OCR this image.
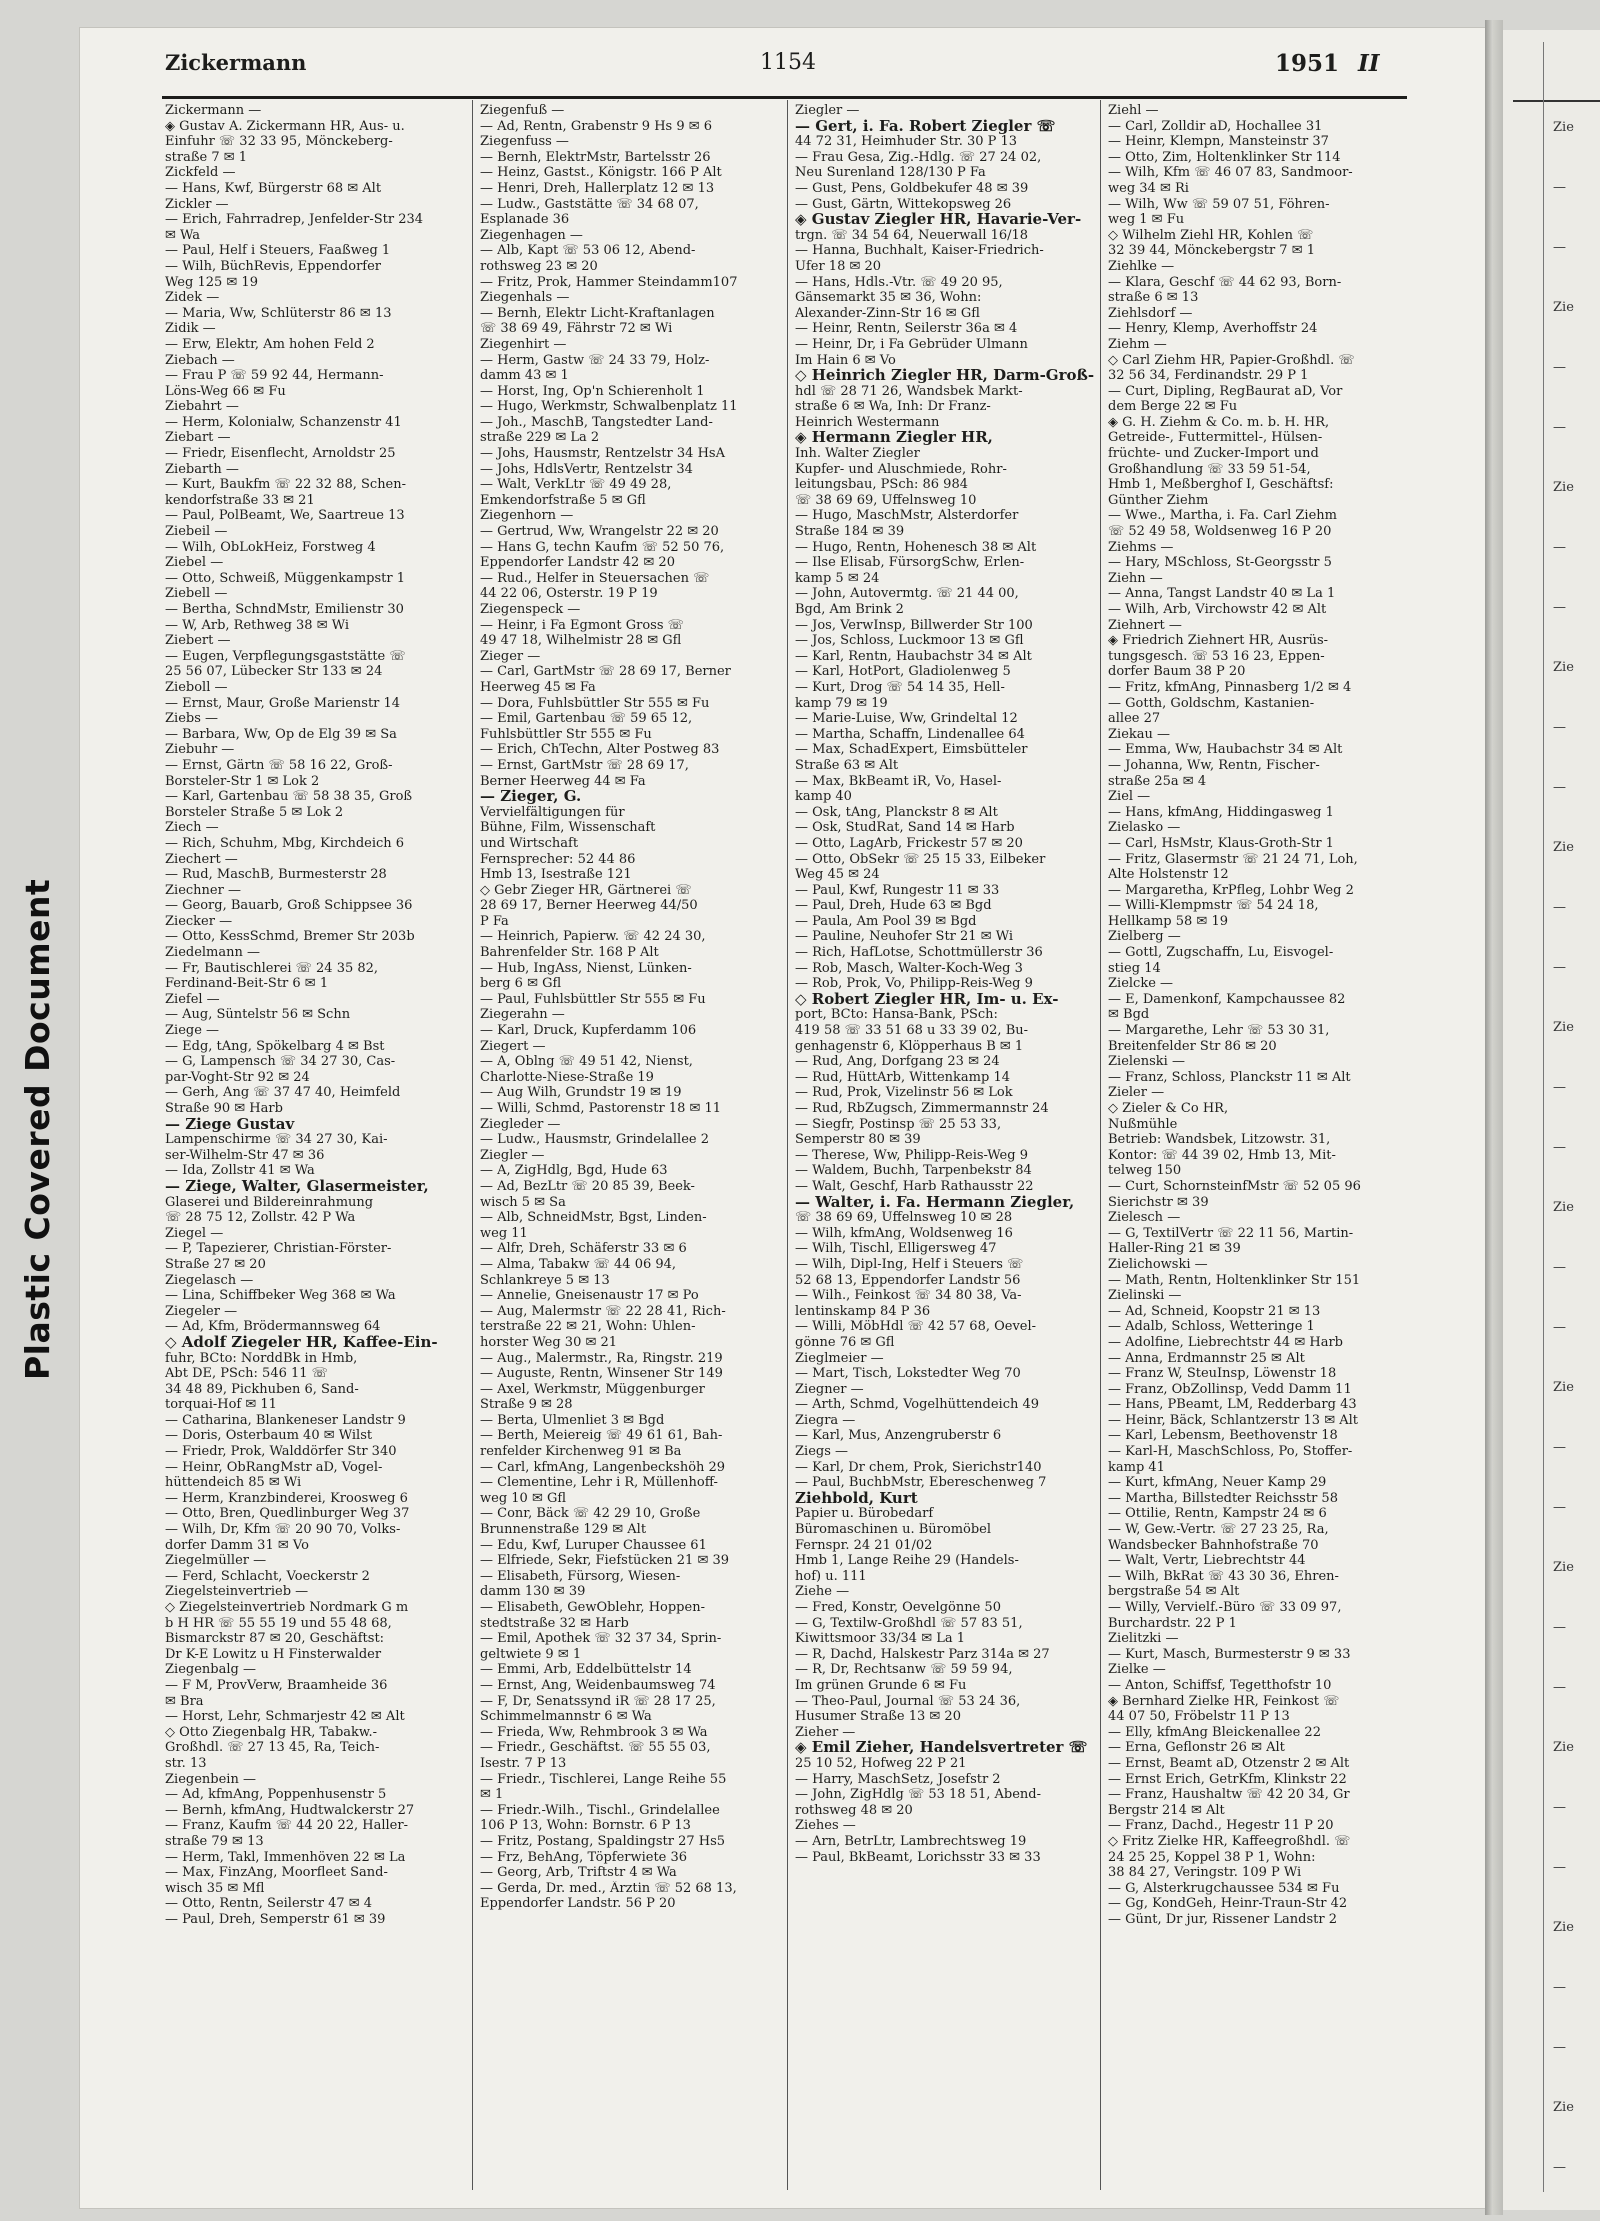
Zie
—
—
Zie
—
—
Zie
—
—
Zie
—
—
Zie
—
—
Zie
—
—
Zie
—
—
Zie
—
—
Zie
—
—
Zie
—
—
Zie
—
—
Zie
—
Plastic Covered Document
Zickermann	1154	1951 II
Zickermann —
◈ Gustav A. Zickermann HR, Aus- u.
Einfuhr ☏ 32 33 95, Mönckeberg-
straße 7 ✉ 1
Zickfeld —
— Hans, Kwf, Bürgerstr 68 ✉ Alt
Zickler —
— Erich, Fahrradrep, Jenfelder-Str 234
✉ Wa
— Paul, Helf i Steuers, Faaßweg 1
— Wilh, BüchRevis, Eppendorfer
Weg 125 ✉ 19
Zidek —
— Maria, Ww, Schlüterstr 86 ✉ 13
Zidik —
— Erw, Elektr, Am hohen Feld 2
Ziebach —
— Frau P ☏ 59 92 44, Hermann-
Löns-Weg 66 ✉ Fu
Ziebahrt —
— Herm, Kolonialw, Schanzenstr 41
Ziebart —
— Friedr, Eisenflecht, Arnoldstr 25
Ziebarth —
— Kurt, Baukfm ☏ 22 32 88, Schen-
kendorfstraße 33 ✉ 21
— Paul, PolBeamt, We, Saartreue 13
Ziebeil —
— Wilh, ObLokHeiz, Forstweg 4
Ziebel —
— Otto, Schweiß, Müggenkampstr 1
Ziebell —
— Bertha, SchndMstr, Emilienstr 30
— W, Arb, Rethweg 38 ✉ Wi
Ziebert —
— Eugen, Verpflegungsgaststätte ☏
25 56 07, Lübecker Str 133 ✉ 24
Zieboll —
— Ernst, Maur, Große Marienstr 14
Ziebs —
— Barbara, Ww, Op de Elg 39 ✉ Sa
Ziebuhr —
— Ernst, Gärtn ☏ 58 16 22, Groß-
Borsteler-Str 1 ✉ Lok 2
— Karl, Gartenbau ☏ 58 38 35, Groß
Borsteler Straße 5 ✉ Lok 2
Ziech —
— Rich, Schuhm, Mbg, Kirchdeich 6
Ziechert —
— Rud, MaschB, Burmesterstr 28
Ziechner —
— Georg, Bauarb, Groß Schippsee 36
Ziecker —
— Otto, KessSchmd, Bremer Str 203b
Ziedelmann —
— Fr, Bautischlerei ☏ 24 35 82,
Ferdinand-Beit-Str 6 ✉ 1
Ziefel —
— Aug, Süntelstr 56 ✉ Schn
Ziege —
— Edg, tAng, Spökelbarg 4 ✉ Bst
— G, Lampensch ☏ 34 27 30, Cas-
par-Voght-Str 92 ✉ 24
— Gerh, Ang ☏ 37 47 40, Heimfeld
Straße 90 ✉ Harb
— Ziege Gustav
Lampenschirme ☏ 34 27 30, Kai-
ser-Wilhelm-Str 47 ✉ 36
— Ida, Zollstr 41 ✉ Wa
— Ziege, Walter, Glasermeister,
Glaserei und Bildereinrahmung
☏ 28 75 12, Zollstr. 42 P Wa
Ziegel —
— P, Tapezierer, Christian-Förster-
Straße 27 ✉ 20
Ziegelasch —
— Lina, Schiffbeker Weg 368 ✉ Wa
Ziegeler —
— Ad, Kfm, Brödermannsweg 64
◇ Adolf Ziegeler HR, Kaffee-Ein-
fuhr, BCto: NorddBk in Hmb,
Abt DE, PSch: 546 11 ☏
34 48 89, Pickhuben 6, Sand-
torquai-Hof ✉ 11
— Catharina, Blankeneser Landstr 9
— Doris, Osterbaum 40 ✉ Wilst
— Friedr, Prok, Walddörfer Str 340
— Heinr, ObRangMstr aD, Vogel-
hüttendeich 85 ✉ Wi
— Herm, Kranzbinderei, Kroosweg 6
— Otto, Bren, Quedlinburger Weg 37
— Wilh, Dr, Kfm ☏ 20 90 70, Volks-
dorfer Damm 31 ✉ Vo
Ziegelmüller —
— Ferd, Schlacht, Voeckerstr 2
Ziegelsteinvertrieb —
◇ Ziegelsteinvertrieb Nordmark G m
b H HR ☏ 55 55 19 und 55 48 68,
Bismarckstr 87 ✉ 20, Geschäftst:
Dr K-E Lowitz u H Finsterwalder
Ziegenbalg —
— F M, ProvVerw, Braamheide 36
✉ Bra
— Horst, Lehr, Schmarjestr 42 ✉ Alt
◇ Otto Ziegenbalg HR, Tabakw.-
Großhdl. ☏ 27 13 45, Ra, Teich-
str. 13
Ziegenbein —
— Ad, kfmAng, Poppenhusenstr 5
— Bernh, kfmAng, Hudtwalckerstr 27
— Franz, Kaufm ☏ 44 20 22, Haller-
straße 79 ✉ 13
— Herm, Takl, Immenhöven 22 ✉ La
— Max, FinzAng, Moorfleet Sand-
wisch 35 ✉ Mfl
— Otto, Rentn, Seilerstr 47 ✉ 4
— Paul, Dreh, Semperstr 61 ✉ 39
Ziegenfuß —
— Ad, Rentn, Grabenstr 9 Hs 9 ✉ 6
Ziegenfuss —
— Bernh, ElektrMstr, Bartelsstr 26
— Heinz, Gastst., Königstr. 166 P Alt
— Henri, Dreh, Hallerplatz 12 ✉ 13
— Ludw., Gaststätte ☏ 34 68 07,
Esplanade 36
Ziegenhagen —
— Alb, Kapt ☏ 53 06 12, Abend-
rothsweg 23 ✉ 20
— Fritz, Prok, Hammer Steindamm107
Ziegenhals —
— Bernh, Elektr Licht-Kraftanlagen
☏ 38 69 49, Fährstr 72 ✉ Wi
Ziegenhirt —
— Herm, Gastw ☏ 24 33 79, Holz-
damm 43 ✉ 1
— Horst, Ing, Op'n Schierenholt 1
— Hugo, Werkmstr, Schwalbenplatz 11
— Joh., MaschB, Tangstedter Land-
straße 229 ✉ La 2
— Johs, Hausmstr, Rentzelstr 34 HsA
— Johs, HdlsVertr, Rentzelstr 34
— Walt, VerkLtr ☏ 49 49 28,
Emkendorfstraße 5 ✉ Gfl
Ziegenhorn —
— Gertrud, Ww, Wrangelstr 22 ✉ 20
— Hans G, techn Kaufm ☏ 52 50 76,
Eppendorfer Landstr 42 ✉ 20
— Rud., Helfer in Steuersachen ☏
44 22 06, Osterstr. 19 P 19
Ziegenspeck —
— Heinr, i Fa Egmont Gross ☏
49 47 18, Wilhelmistr 28 ✉ Gfl
Zieger —
— Carl, GartMstr ☏ 28 69 17, Berner
Heerweg 45 ✉ Fa
— Dora, Fuhlsbüttler Str 555 ✉ Fu
— Emil, Gartenbau ☏ 59 65 12,
Fuhlsbüttler Str 555 ✉ Fu
— Erich, ChTechn, Alter Postweg 83
— Ernst, GartMstr ☏ 28 69 17,
Berner Heerweg 44 ✉ Fa
— Zieger, G.
Vervielfältigungen für
Bühne, Film, Wissenschaft
und Wirtschaft
Fernsprecher: 52 44 86
Hmb 13, Isestraße 121
◇ Gebr Zieger HR, Gärtnerei ☏
28 69 17, Berner Heerweg 44/50
P Fa
— Heinrich, Papierw. ☏ 42 24 30,
Bahrenfelder Str. 168 P Alt
— Hub, IngAss, Nienst, Lünken-
berg 6 ✉ Gfl
— Paul, Fuhlsbüttler Str 555 ✉ Fu
Ziegerahn —
— Karl, Druck, Kupferdamm 106
Ziegert —
— A, Oblng ☏ 49 51 42, Nienst,
Charlotte-Niese-Straße 19
— Aug Wilh, Grundstr 19 ✉ 19
— Willi, Schmd, Pastorenstr 18 ✉ 11
Ziegleder —
— Ludw., Hausmstr, Grindelallee 2
Ziegler —
— A, ZigHdlg, Bgd, Hude 63
— Ad, BezLtr ☏ 20 85 39, Beek-
wisch 5 ✉ Sa
— Alb, SchneidMstr, Bgst, Linden-
weg 11
— Alfr, Dreh, Schäferstr 33 ✉ 6
— Alma, Tabakw ☏ 44 06 94,
Schlankreye 5 ✉ 13
— Annelie, Gneisenaustr 17 ✉ Po
— Aug, Malermstr ☏ 22 28 41, Rich-
terstraße 22 ✉ 21, Wohn: Uhlen-
horster Weg 30 ✉ 21
— Aug., Malermstr., Ra, Ringstr. 219
— Auguste, Rentn, Winsener Str 149
— Axel, Werkmstr, Müggenburger
Straße 9 ✉ 28
— Berta, Ulmenliet 3 ✉ Bgd
— Berth, Meiereig ☏ 49 61 61, Bah-
renfelder Kirchenweg 91 ✉ Ba
— Carl, kfmAng, Langenbeckshöh 29
— Clementine, Lehr i R, Müllenhoff-
weg 10 ✉ Gfl
— Conr, Bäck ☏ 42 29 10, Große
Brunnenstraße 129 ✉ Alt
— Edu, Kwf, Luruper Chaussee 61
— Elfriede, Sekr, Fiefstücken 21 ✉ 39
— Elisabeth, Fürsorg, Wiesen-
damm 130 ✉ 39
— Elisabeth, GewOblehr, Hoppen-
stedtstraße 32 ✉ Harb
— Emil, Apothek ☏ 32 37 34, Sprin-
geltwiete 9 ✉ 1
— Emmi, Arb, Eddelbüttelstr 14
— Ernst, Ang, Weidenbaumsweg 74
— F, Dr, Senatssynd iR ☏ 28 17 25,
Schimmelmannstr 6 ✉ Wa
— Frieda, Ww, Rehmbrook 3 ✉ Wa
— Friedr., Geschäftst. ☏ 55 55 03,
Isestr. 7 P 13
— Friedr., Tischlerei, Lange Reihe 55
✉ 1
— Friedr.-Wilh., Tischl., Grindelallee
106 P 13, Wohn: Bornstr. 6 P 13
— Fritz, Postang, Spaldingstr 27 Hs5
— Frz, BehAng, Töpferwiete 36
— Georg, Arb, Triftstr 4 ✉ Wa
— Gerda, Dr. med., Ärztin ☏ 52 68 13,
Eppendorfer Landstr. 56 P 20
Ziegler —
— Gert, i. Fa. Robert Ziegler ☏
44 72 31, Heimhuder Str. 30 P 13
— Frau Gesa, Zig.-Hdlg. ☏ 27 24 02,
Neu Surenland 128/130 P Fa
— Gust, Pens, Goldbekufer 48 ✉ 39
— Gust, Gärtn, Wittekopsweg 26
◈ Gustav Ziegler HR, Havarie-Ver-
trgn. ☏ 34 54 64, Neuerwall 16/18
— Hanna, Buchhalt, Kaiser-Friedrich-
Ufer 18 ✉ 20
— Hans, Hdls.-Vtr. ☏ 49 20 95,
Gänsemarkt 35 ✉ 36, Wohn:
Alexander-Zinn-Str 16 ✉ Gfl
— Heinr, Rentn, Seilerstr 36a ✉ 4
— Heinr, Dr, i Fa Gebrüder Ulmann
Im Hain 6 ✉ Vo
◇ Heinrich Ziegler HR, Darm-Groß-
hdl ☏ 28 71 26, Wandsbek Markt-
straße 6 ✉ Wa, Inh: Dr Franz-
Heinrich Westermann
◈ Hermann Ziegler HR,
Inh. Walter Ziegler
Kupfer- und Aluschmiede, Rohr-
leitungsbau, PSch: 86 984
☏ 38 69 69, Uffelnsweg 10
— Hugo, MaschMstr, Alsterdorfer
Straße 184 ✉ 39
— Hugo, Rentn, Hohenesch 38 ✉ Alt
— Ilse Elisab, FürsorgSchw, Erlen-
kamp 5 ✉ 24
— John, Autovermtg. ☏ 21 44 00,
Bgd, Am Brink 2
— Jos, VerwInsp, Billwerder Str 100
— Jos, Schloss, Luckmoor 13 ✉ Gfl
— Karl, Rentn, Haubachstr 34 ✉ Alt
— Karl, HotPort, Gladiolenweg 5
— Kurt, Drog ☏ 54 14 35, Hell-
kamp 79 ✉ 19
— Marie-Luise, Ww, Grindeltal 12
— Martha, Schaffn, Lindenallee 64
— Max, SchadExpert, Eimsbütteler
Straße 63 ✉ Alt
— Max, BkBeamt iR, Vo, Hasel-
kamp 40
— Osk, tAng, Planckstr 8 ✉ Alt
— Osk, StudRat, Sand 14 ✉ Harb
— Otto, LagArb, Frickestr 57 ✉ 20
— Otto, ObSekr ☏ 25 15 33, Eilbeker
Weg 45 ✉ 24
— Paul, Kwf, Rungestr 11 ✉ 33
— Paul, Dreh, Hude 63 ✉ Bgd
— Paula, Am Pool 39 ✉ Bgd
— Pauline, Neuhofer Str 21 ✉ Wi
— Rich, HafLotse, Schottmüllerstr 36
— Rob, Masch, Walter-Koch-Weg 3
— Rob, Prok, Vo, Philipp-Reis-Weg 9
◇ Robert Ziegler HR, Im- u. Ex-
port, BCto: Hansa-Bank, PSch:
419 58 ☏ 33 51 68 u 33 39 02, Bu-
genhagenstr 6, Klöpperhaus B ✉ 1
— Rud, Ang, Dorfgang 23 ✉ 24
— Rud, HüttArb, Wittenkamp 14
— Rud, Prok, Vizelinstr 56 ✉ Lok
— Rud, RbZugsch, Zimmermannstr 24
— Siegfr, Postinsp ☏ 25 53 33,
Semperstr 80 ✉ 39
— Therese, Ww, Philipp-Reis-Weg 9
— Waldem, Buchh, Tarpenbekstr 84
— Walt, Geschf, Harb Rathausstr 22
— Walter, i. Fa. Hermann Ziegler,
☏ 38 69 69, Uffelnsweg 10 ✉ 28
— Wilh, kfmAng, Woldsenweg 16
— Wilh, Tischl, Elligersweg 47
— Wilh, Dipl-Ing, Helf i Steuers ☏
52 68 13, Eppendorfer Landstr 56
— Wilh., Feinkost ☏ 34 80 38, Va-
lentinskamp 84 P 36
— Willi, MöbHdl ☏ 42 57 68, Oevel-
gönne 76 ✉ Gfl
Zieglmeier —
— Mart, Tisch, Lokstedter Weg 70
Ziegner —
— Arth, Schmd, Vogelhüttendeich 49
Ziegra —
— Karl, Mus, Anzengruberstr 6
Ziegs —
— Karl, Dr chem, Prok, Sierichstr140
— Paul, BuchbMstr, Ebereschenweg 7
Ziehbold, Kurt
Papier u. Bürobedarf
Büromaschinen u. Büromöbel
Fernspr. 24 21 01/02
Hmb 1, Lange Reihe 29 (Handels-
hof) u. 111
Ziehe —
— Fred, Konstr, Oevelgönne 50
— G, Textilw-Großhdl ☏ 57 83 51,
Kiwittsmoor 33/34 ✉ La 1
— R, Dachd, Halskestr Parz 314a ✉ 27
— R, Dr, Rechtsanw ☏ 59 59 94,
Im grünen Grunde 6 ✉ Fu
— Theo-Paul, Journal ☏ 53 24 36,
Husumer Straße 13 ✉ 20
Zieher —
◈ Emil Zieher, Handelsvertreter ☏
25 10 52, Hofweg 22 P 21
— Harry, MaschSetz, Josefstr 2
— John, ZigHdlg ☏ 53 18 51, Abend-
rothsweg 48 ✉ 20
Ziehes —
— Arn, BetrLtr, Lambrechtsweg 19
— Paul, BkBeamt, Lorichsstr 33 ✉ 33
Ziehl —
— Carl, Zolldir aD, Hochallee 31
— Heinr, Klempn, Mansteinstr 37
— Otto, Zim, Holtenklinker Str 114
— Wilh, Kfm ☏ 46 07 83, Sandmoor-
weg 34 ✉ Ri
— Wilh, Ww ☏ 59 07 51, Föhren-
weg 1 ✉ Fu
◇ Wilhelm Ziehl HR, Kohlen ☏
32 39 44, Mönckebergstr 7 ✉ 1
Ziehlke —
— Klara, Geschf ☏ 44 62 93, Born-
straße 6 ✉ 13
Ziehlsdorf —
— Henry, Klemp, Averhoffstr 24
Ziehm —
◇ Carl Ziehm HR, Papier-Großhdl. ☏
32 56 34, Ferdinandstr. 29 P 1
— Curt, Dipling, RegBaurat aD, Vor
dem Berge 22 ✉ Fu
◈ G. H. Ziehm & Co. m. b. H. HR,
Getreide-, Futtermittel-, Hülsen-
früchte- und Zucker-Import und
Großhandlung ☏ 33 59 51-54,
Hmb 1, Meßberghof I, Geschäftsf:
Günther Ziehm
— Wwe., Martha, i. Fa. Carl Ziehm
☏ 52 49 58, Woldsenweg 16 P 20
Ziehms —
— Hary, MSchloss, St-Georgsstr 5
Ziehn —
— Anna, Tangst Landstr 40 ✉ La 1
— Wilh, Arb, Virchowstr 42 ✉ Alt
Ziehnert —
◈ Friedrich Ziehnert HR, Ausrüs-
tungsgesch. ☏ 53 16 23, Eppen-
dorfer Baum 38 P 20
— Fritz, kfmAng, Pinnasberg 1/2 ✉ 4
— Gotth, Goldschm, Kastanien-
allee 27
Ziekau —
— Emma, Ww, Haubachstr 34 ✉ Alt
— Johanna, Ww, Rentn, Fischer-
straße 25a ✉ 4
Ziel —
— Hans, kfmAng, Hiddingasweg 1
Zielasko —
— Carl, HsMstr, Klaus-Groth-Str 1
— Fritz, Glasermstr ☏ 21 24 71, Loh,
Alte Holstenstr 12
— Margaretha, KrPfleg, Lohbr Weg 2
— Willi-Klempmstr ☏ 54 24 18,
Hellkamp 58 ✉ 19
Zielberg —
— Gottl, Zugschaffn, Lu, Eisvogel-
stieg 14
Zielcke —
— E, Damenkonf, Kampchaussee 82
✉ Bgd
— Margarethe, Lehr ☏ 53 30 31,
Breitenfelder Str 86 ✉ 20
Zielenski —
— Franz, Schloss, Planckstr 11 ✉ Alt
Zieler —
◇ Zieler & Co HR,
Nußmühle
Betrieb: Wandsbek, Litzowstr. 31,
Kontor: ☏ 44 39 02, Hmb 13, Mit-
telweg 150
— Curt, SchornsteinfMstr ☏ 52 05 96
Sierichstr ✉ 39
Zielesch —
— G, TextilVertr ☏ 22 11 56, Martin-
Haller-Ring 21 ✉ 39
Zielichowski —
— Math, Rentn, Holtenklinker Str 151
Zielinski —
— Ad, Schneid, Koopstr 21 ✉ 13
— Adalb, Schloss, Wetteringe 1
— Adolfine, Liebrechtstr 44 ✉ Harb
— Anna, Erdmannstr 25 ✉ Alt
— Franz W, SteuInsp, Löwenstr 18
— Franz, ObZollinsp, Vedd Damm 11
— Hans, PBeamt, LM, Redderbarg 43
— Heinr, Bäck, Schlantzerstr 13 ✉ Alt
— Karl, Lebensm, Beethovenstr 18
— Karl-H, MaschSchloss, Po, Stoffer-
kamp 41
— Kurt, kfmAng, Neuer Kamp 29
— Martha, Billstedter Reichsstr 58
— Ottilie, Rentn, Kampstr 24 ✉ 6
— W, Gew.-Vertr. ☏ 27 23 25, Ra,
Wandsbecker Bahnhofstraße 70
— Walt, Vertr, Liebrechtstr 44
— Wilh, BkRat ☏ 43 30 36, Ehren-
bergstraße 54 ✉ Alt
— Willy, Vervielf.-Büro ☏ 33 09 97,
Burchardstr. 22 P 1
Zielitzki —
— Kurt, Masch, Burmesterstr 9 ✉ 33
Zielke —
— Anton, Schiffsf, Tegetthofstr 10
◈ Bernhard Zielke HR, Feinkost ☏
44 07 50, Fröbelstr 11 P 13
— Elly, kfmAng Bleickenallee 22
— Erna, Geflonstr 26 ✉ Alt
— Ernst, Beamt aD, Otzenstr 2 ✉ Alt
— Ernst Erich, GetrKfm, Klinkstr 22
— Franz, Haushaltw ☏ 42 20 34, Gr
Bergstr 214 ✉ Alt
— Franz, Dachd., Hegestr 11 P 20
◇ Fritz Zielke HR, Kaffeegroßhdl. ☏
24 25 25, Koppel 38 P 1, Wohn:
38 84 27, Veringstr. 109 P Wi
— G, Alsterkrugchaussee 534 ✉ Fu
— Gg, KondGeh, Heinr-Traun-Str 42
— Günt, Dr jur, Rissener Landstr 2
